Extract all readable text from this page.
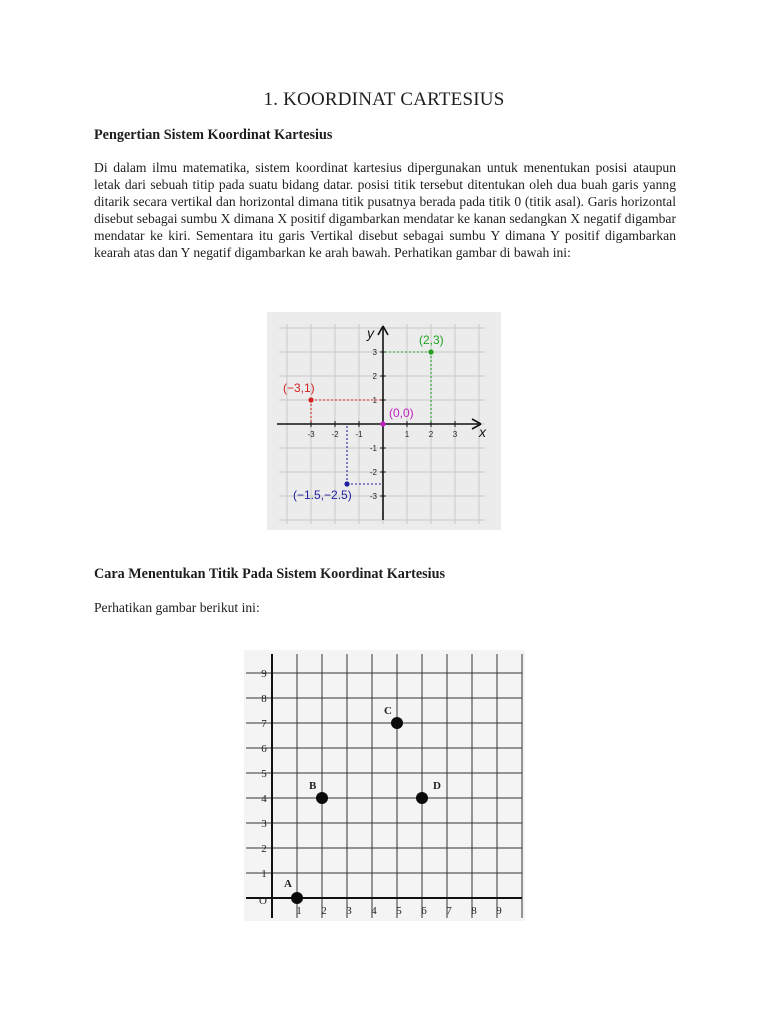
1. KOORDINAT CARTESIUS
Pengertian Sistem Koordinat Kartesius

Di dalam ilmu matematika, sistem koordinat kartesius dipergunakan untuk menentukan posisi ataupun letak dari sebuah titip pada suatu bidang datar. posisi titik tersebut ditentukan oleh dua buah garis yanng ditarik secara vertikal dan horizontal dimana titik pusatnya berada pada titik 0 (titik asal). Garis horizontal disebut sebagai sumbu X dimana X positif digambarkan mendatar ke kanan sedangkan X negatif digambar mendatar ke kiri. Sementara itu garis Vertikal disebut sebagai sumbu Y dimana Y positif digambarkan kearah atas dan Y negatif digambarkan ke arah bawah. Perhatikan gambar di bawah ini:

x
y
-3 -2 -1	1 2 3
3
2
1
-1
-2
-3
(−3,1)
(2,3)
(0,0)
(−1.5,−2.5)
Cara Menentukan Titik Pada Sistem Koordinat Kartesius

Perhatikan gambar berikut ini:

O
1 2 3 4 5 6 7 8 9
1
2
3
4
5
6
7
8
9
A
B
C
D
